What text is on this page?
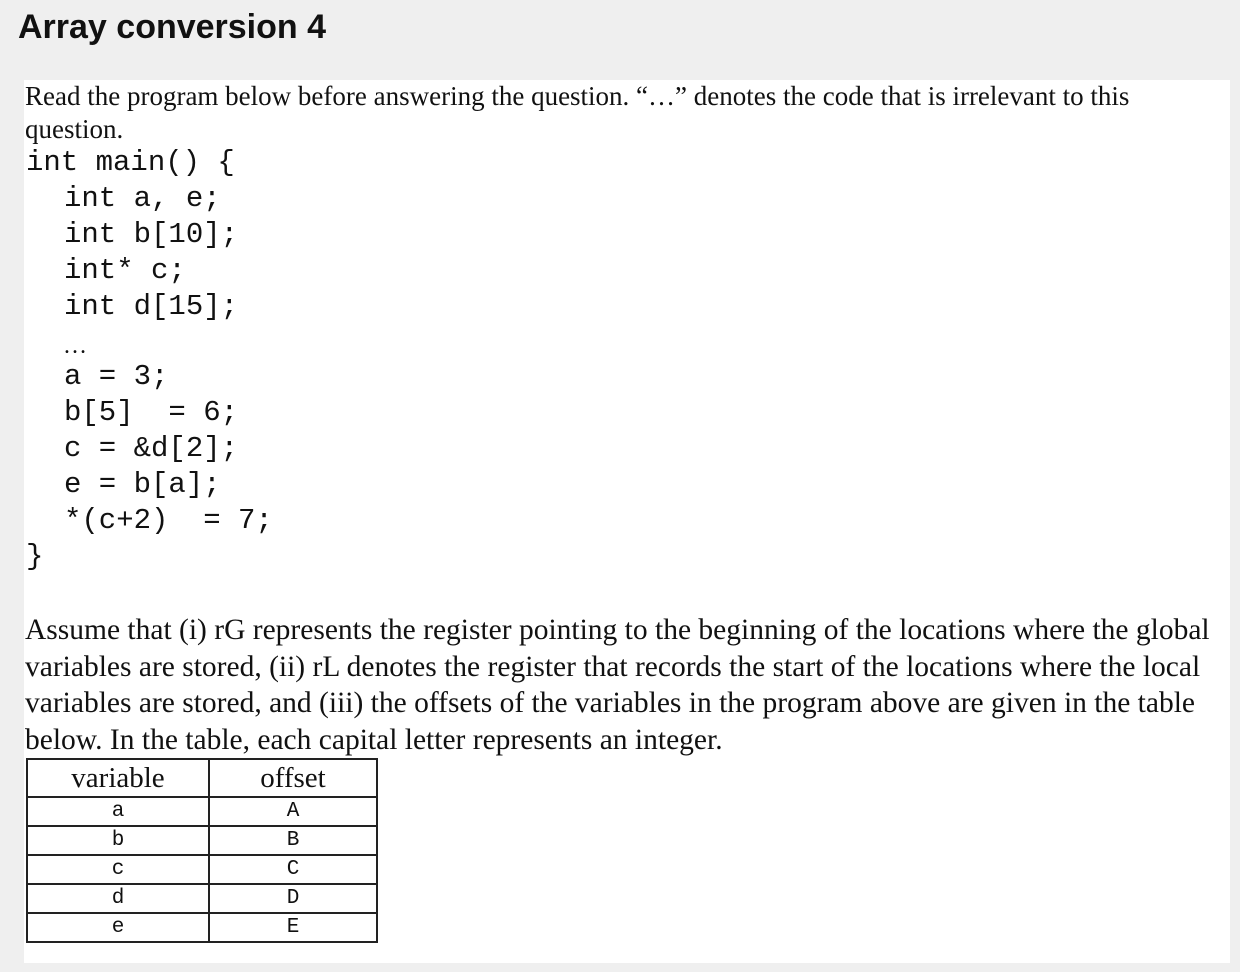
Array conversion 4
Read the program below before answering the question. “…” denotes the code that is irrelevant to this question.
int main() {
int a, e;
int b[10];
int* c;
int d[15];
…
a = 3;
b[5]  = 6;
c = &d[2];
e = b[a];
*(c+2)  = 7;
}
Assume that (i) rG represents the register pointing to the beginning of the locations where the global variables are stored, (ii) rL denotes the register that records the start of the locations where the local variables are stored, and (iii) the offsets of the variables in the program above are given in the table below. In the table, each capital letter represents an integer.
variable	offset
a	A
b	B
c	C
d	D
e	E
